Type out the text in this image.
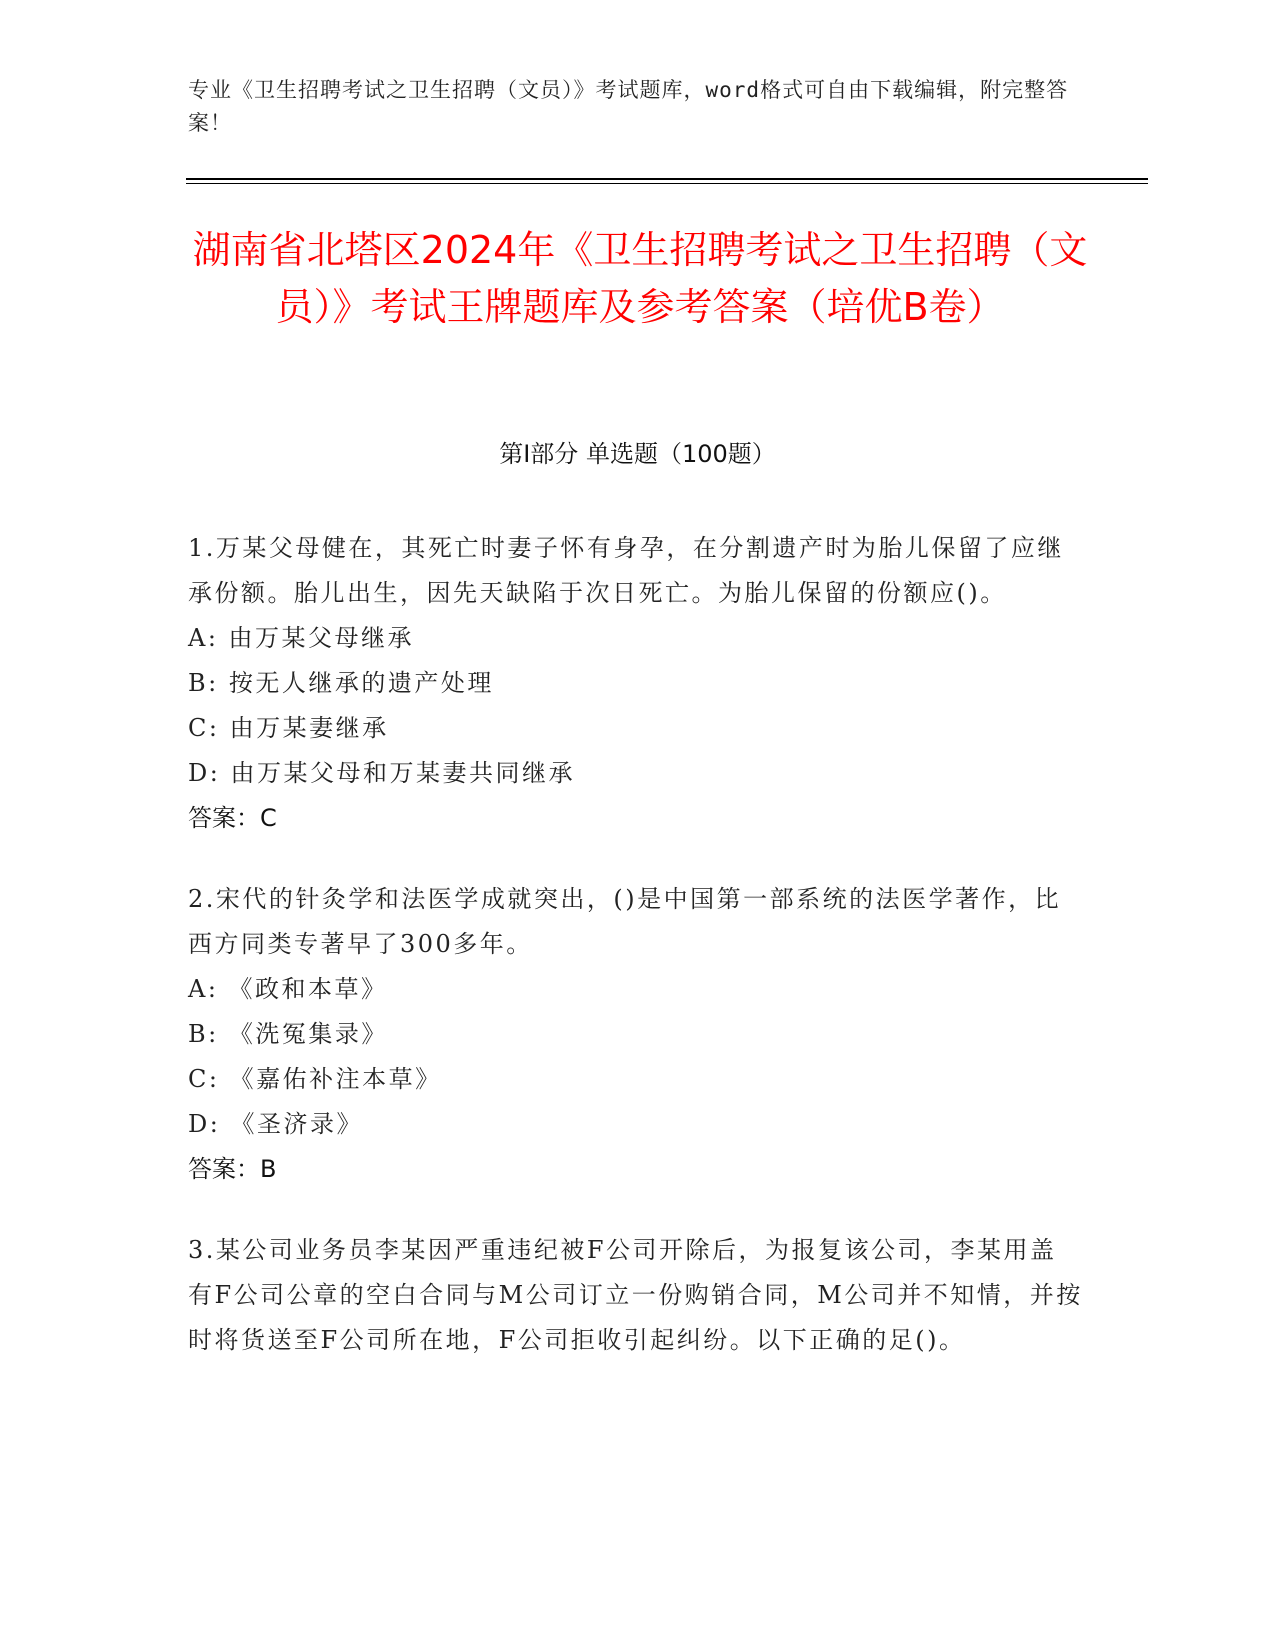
专业《卫生招聘考试之卫生招聘（文员）》考试题库，word格式可自由下载编辑，附完整答案！
湖南省北塔区2024年《卫生招聘考试之卫生招聘（文员）》考试王牌题库及参考答案（培优B卷）
第Ⅰ部分 单选题（100题）
1.万某父母健在，其死亡时妻子怀有身孕，在分割遗产时为胎儿保留了应继承份额。胎儿出生，因先天缺陷于次日死亡。为胎儿保留的份额应()。
A: 由万某父母继承
B: 按无人继承的遗产处理
C: 由万某妻继承
D: 由万某父母和万某妻共同继承
答案：C
2.宋代的针灸学和法医学成就突出，()是中国第一部系统的法医学著作，比西方同类专著早了300多年。
A: 《政和本草》
B: 《洗冤集录》
C: 《嘉佑补注本草》
D: 《圣济录》
答案：B
3.某公司业务员李某因严重违纪被F公司开除后，为报复该公司，李某用盖有F公司公章的空白合同与M公司订立一份购销合同，M公司并不知情，并按时将货送至F公司所在地，F公司拒收引起纠纷。以下正确的足()。
